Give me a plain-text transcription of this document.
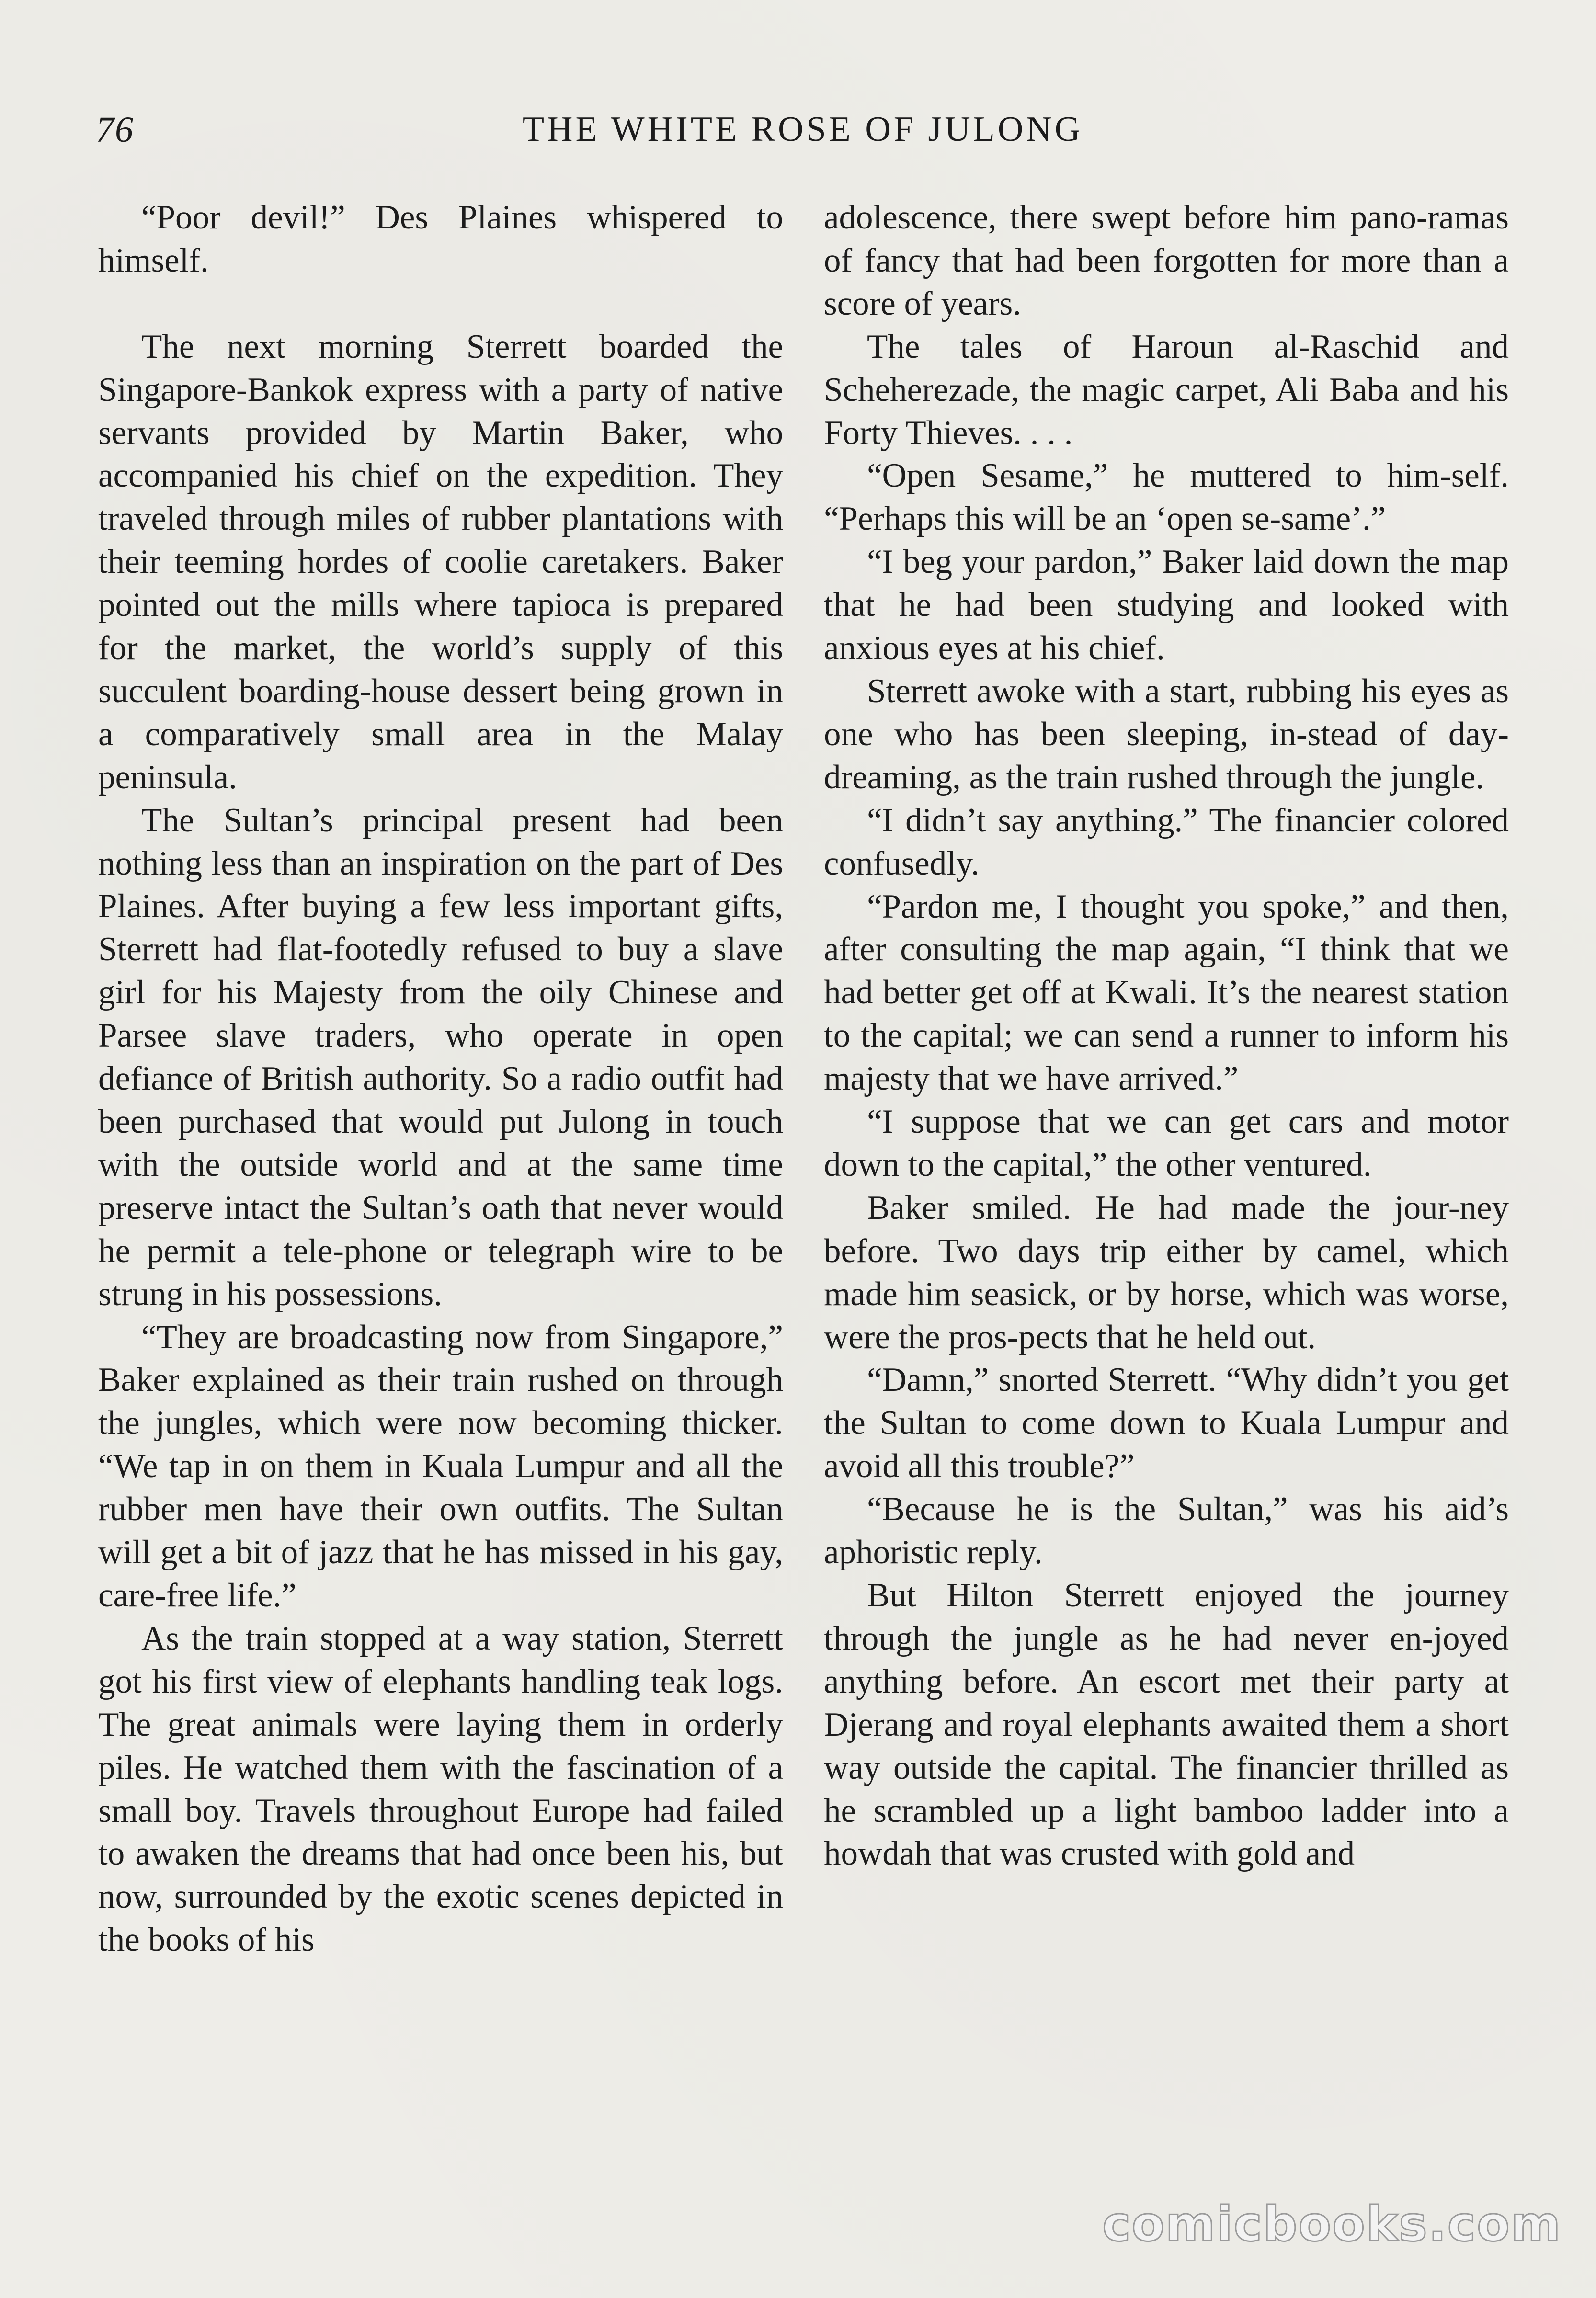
76	THE WHITE ROSE OF JULONG

“Poor devil!” Des Plaines whispered to himself.

The next morning Sterrett boarded the Singapore-Bankok express with a party of native servants provided by Martin Baker, who accompanied his chief on the expedition. They traveled through miles of rubber plantations with their teeming hordes of coolie caretakers. Baker pointed out the mills where tapioca is prepared for the market, the world’s supply of this succulent boarding-house dessert being grown in a comparatively small area in the Malay peninsula.

The Sultan’s principal present had been nothing less than an inspiration on the part of Des Plaines. After buying a few less important gifts, Sterrett had flat-footedly refused to buy a slave girl for his Majesty from the oily Chinese and Parsee slave traders, who operate in open defiance of British authority. So a radio outfit had been purchased that would put Julong in touch with the outside world and at the same time preserve intact the Sultan’s oath that never would he permit a tele-phone or telegraph wire to be strung in his possessions.

“They are broadcasting now from Singapore,” Baker explained as their train rushed on through the jungles, which were now becoming thicker. “We tap in on them in Kuala Lumpur and all the rubber men have their own outfits. The Sultan will get a bit of jazz that he has missed in his gay, care-free life.”

As the train stopped at a way station, Sterrett got his first view of elephants handling teak logs. The great animals were laying them in orderly piles. He watched them with the fascination of a small boy. Travels throughout Europe had failed to awaken the dreams that had once been his, but now, surrounded by the exotic scenes depicted in the books of his

adolescence, there swept before him pano-ramas of fancy that had been forgotten for more than a score of years.

The tales of Haroun al-Raschid and Scheherezade, the magic carpet, Ali Baba and his Forty Thieves. . . .

“Open Sesame,” he muttered to him-self. “Perhaps this will be an ‘open se-same’.”

“I beg your pardon,” Baker laid down the map that he had been studying and looked with anxious eyes at his chief.

Sterrett awoke with a start, rubbing his eyes as one who has been sleeping, in-stead of day-dreaming, as the train rushed through the jungle.

“I didn’t say anything.” The financier colored confusedly.

“Pardon me, I thought you spoke,” and then, after consulting the map again, “I think that we had better get off at Kwali. It’s the nearest station to the capital; we can send a runner to inform his majesty that we have arrived.”

“I suppose that we can get cars and motor down to the capital,” the other ventured.

Baker smiled. He had made the jour-ney before. Two days trip either by camel, which made him seasick, or by horse, which was worse, were the pros-pects that he held out.

“Damn,” snorted Sterrett. “Why didn’t you get the Sultan to come down to Kuala Lumpur and avoid all this trouble?”

“Because he is the Sultan,” was his aid’s aphoristic reply.

But Hilton Sterrett enjoyed the journey through the jungle as he had never en-joyed anything before. An escort met their party at Djerang and royal elephants awaited them a short way outside the capital. The financier thrilled as he scrambled up a light bamboo ladder into a howdah that was crusted with gold and

comicbooks.com
